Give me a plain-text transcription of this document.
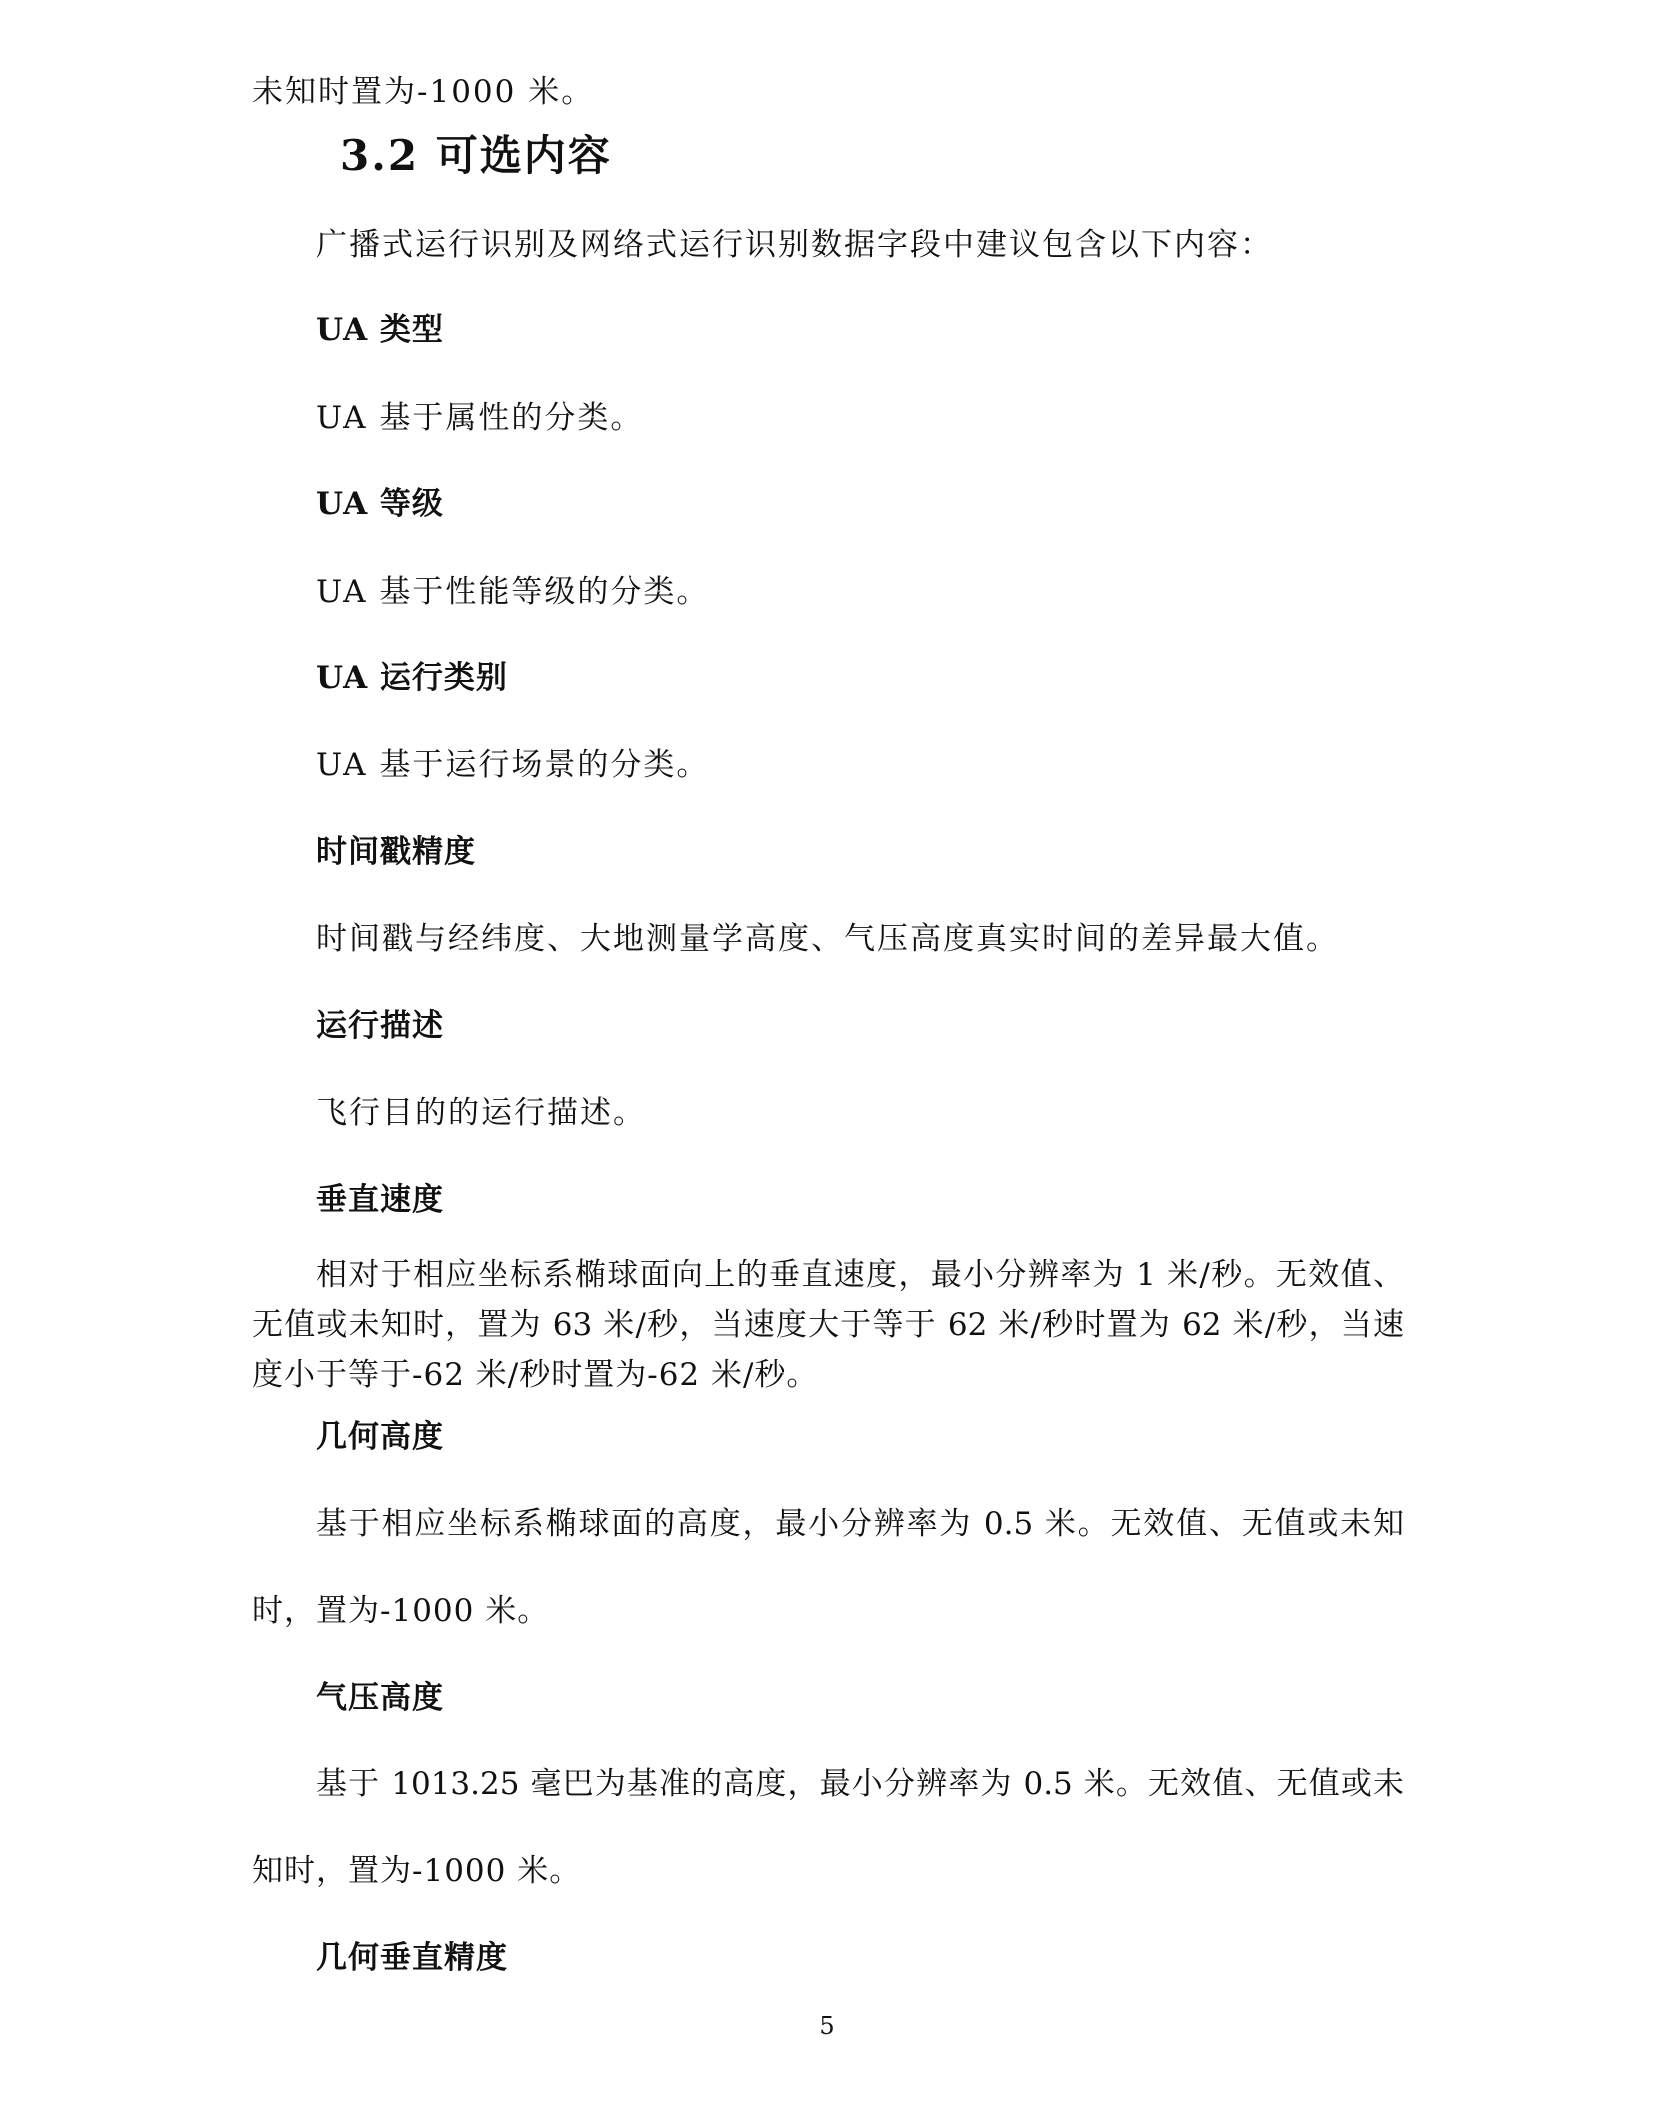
未知时置为-1000 米。
3.2 可选内容
广播式运行识别及网络式运行识别数据字段中建议包含以下内容：
UA 类型
UA 基于属性的分类。
UA 等级
UA 基于性能等级的分类。
UA 运行类别
UA 基于运行场景的分类。
时间戳精度
时间戳与经纬度、大地测量学高度、气压高度真实时间的差异最大值。
运行描述
飞行目的的运行描述。
垂直速度
相对于相应坐标系椭球面向上的垂直速度，最小分辨率为 1 米/秒。无效值、
无值或未知时，置为 63 米/秒，当速度大于等于 62 米/秒时置为 62 米/秒，当速
度小于等于-62 米/秒时置为-62 米/秒。
几何高度
基于相应坐标系椭球面的高度，最小分辨率为 0.5 米。无效值、无值或未知
时，置为-1000 米。
气压高度
基于 1013.25 毫巴为基准的高度，最小分辨率为 0.5 米。无效值、无值或未
知时，置为-1000 米。
几何垂直精度
5
